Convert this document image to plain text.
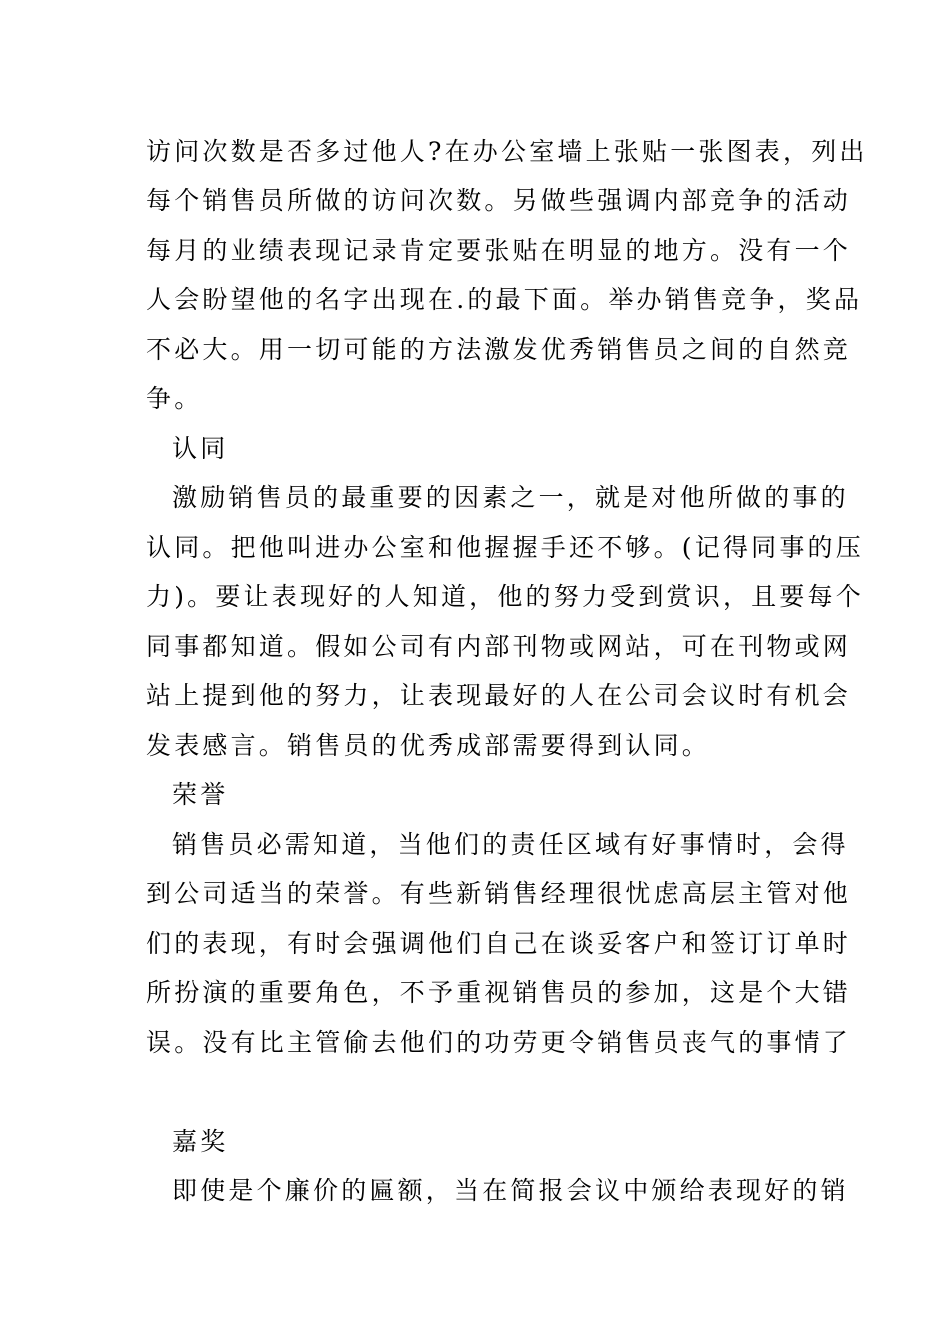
访问次数是否多过他人?在办公室墙上张贴一张图表，列出
每个销售员所做的访问次数。另做些强调内部竞争的活动
每月的业绩表现记录肯定要张贴在明显的地方。没有一个
人会盼望他的名字出现在.的最下面。举办销售竞争，奖品
不必大。用一切可能的方法激发优秀销售员之间的自然竞
争。
认同
激励销售员的最重要的因素之一，就是对他所做的事的
认同。把他叫进办公室和他握握手还不够。(记得同事的压
力)。要让表现好的人知道，他的努力受到赏识，且要每个
同事都知道。假如公司有内部刊物或网站，可在刊物或网
站上提到他的努力，让表现最好的人在公司会议时有机会
发表感言。销售员的优秀成部需要得到认同。
荣誉
销售员必需知道，当他们的责任区域有好事情时，会得
到公司适当的荣誉。有些新销售经理很忧虑高层主管对他
们的表现，有时会强调他们自己在谈妥客户和签订订单时
所扮演的重要角色，不予重视销售员的参加，这是个大错
误。没有比主管偷去他们的功劳更令销售员丧气的事情了
嘉奖
即使是个廉价的匾额，当在简报会议中颁给表现好的销
